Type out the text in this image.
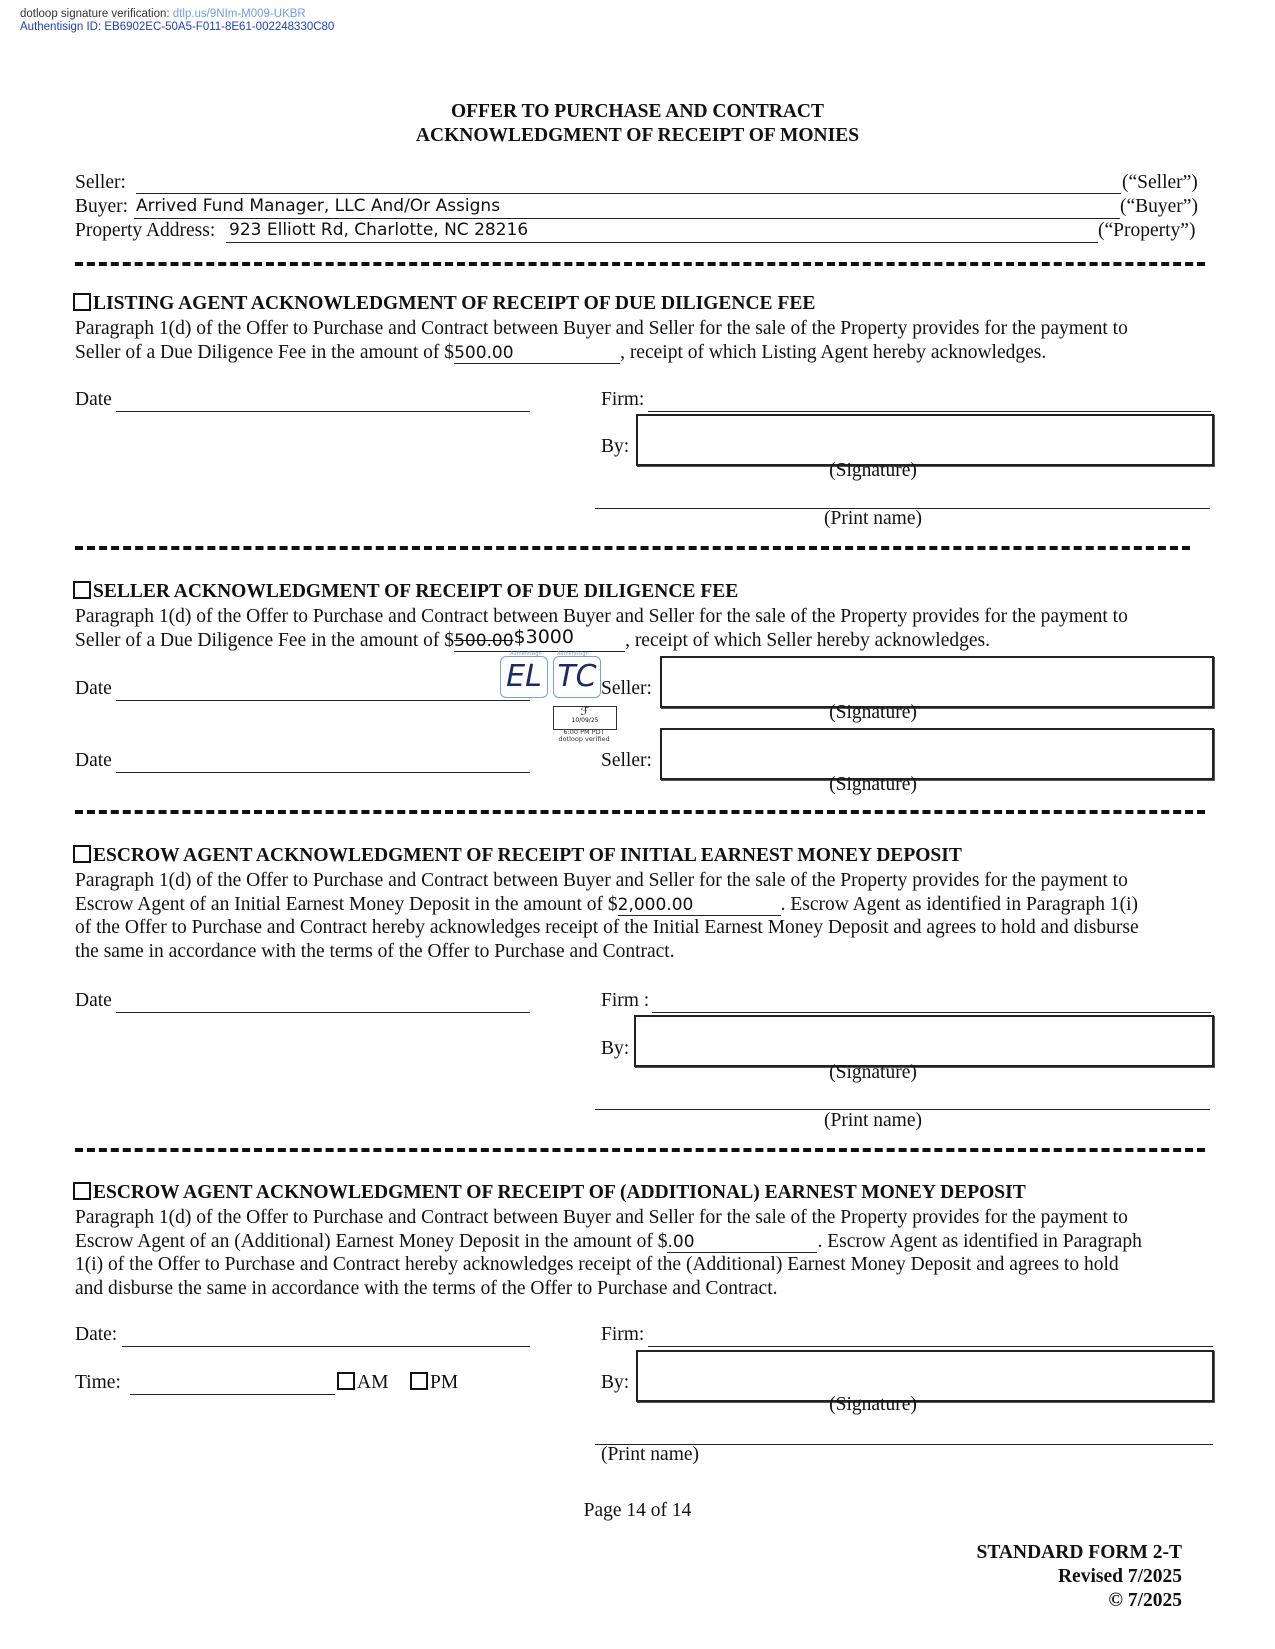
dotloop signature verification: dtlp.us/9NIm-M009-UKBR
Authentisign ID: EB6902EC-50A5-F011-8E61-002248330C80
OFFER TO PURCHASE AND CONTRACT
ACKNOWLEDGMENT OF RECEIPT OF MONIES
Seller:	(“Seller”)
Buyer: Arrived Fund Manager, LLC And/Or Assigns	(“Buyer”)
Property Address: 923 Elliott Rd, Charlotte, NC 28216	(“Property”)
LISTING AGENT ACKNOWLEDGMENT OF RECEIPT OF DUE DILIGENCE FEE
Paragraph 1(d) of the Offer to Purchase and Contract between Buyer and Seller for the sale of the Property provides for the payment to
Seller of a Due Diligence Fee in the amount of $500.00	, receipt of which Listing Agent hereby acknowledges.
Date	Firm:
By:
(Signature)
(Print name)
SELLER ACKNOWLEDGMENT OF RECEIPT OF DUE DILIGENCE FEE
Paragraph 1(d) of the Offer to Purchase and Contract between Buyer and Seller for the sale of the Property provides for the payment to
Seller of a Due Diligence Fee in the amount of $500.00$3000	, receipt of which Seller hereby acknowledges.
Authentisign	Authentisign
EL TC
ℱ
10/09/25
6:00 PM PDT
dotloop verified
Date	Seller:
(Signature)
Date	Seller:
(Signature)
ESCROW AGENT ACKNOWLEDGMENT OF RECEIPT OF INITIAL EARNEST MONEY DEPOSIT
Paragraph 1(d) of the Offer to Purchase and Contract between Buyer and Seller for the sale of the Property provides for the payment to
Escrow Agent of an Initial Earnest Money Deposit in the amount of $2,000.00	. Escrow Agent as identified in Paragraph 1(i)
of the Offer to Purchase and Contract hereby acknowledges receipt of the Initial Earnest Money Deposit and agrees to hold and disburse
the same in accordance with the terms of the Offer to Purchase and Contract.
Date	Firm :
By:
(Signature)
(Print name)
ESCROW AGENT ACKNOWLEDGMENT OF RECEIPT OF (ADDITIONAL) EARNEST MONEY DEPOSIT
Paragraph 1(d) of the Offer to Purchase and Contract between Buyer and Seller for the sale of the Property provides for the payment to
Escrow Agent of an (Additional) Earnest Money Deposit in the amount of $.00	. Escrow Agent as identified in Paragraph
1(i) of the Offer to Purchase and Contract hereby acknowledges receipt of the (Additional) Earnest Money Deposit and agrees to hold
and disburse the same in accordance with the terms of the Offer to Purchase and Contract.
Date:
Time:	AM	PM
Firm:
By:
(Signature)
(Print name)
Page 14 of 14
STANDARD FORM 2-T
Revised 7/2025
© 7/2025
